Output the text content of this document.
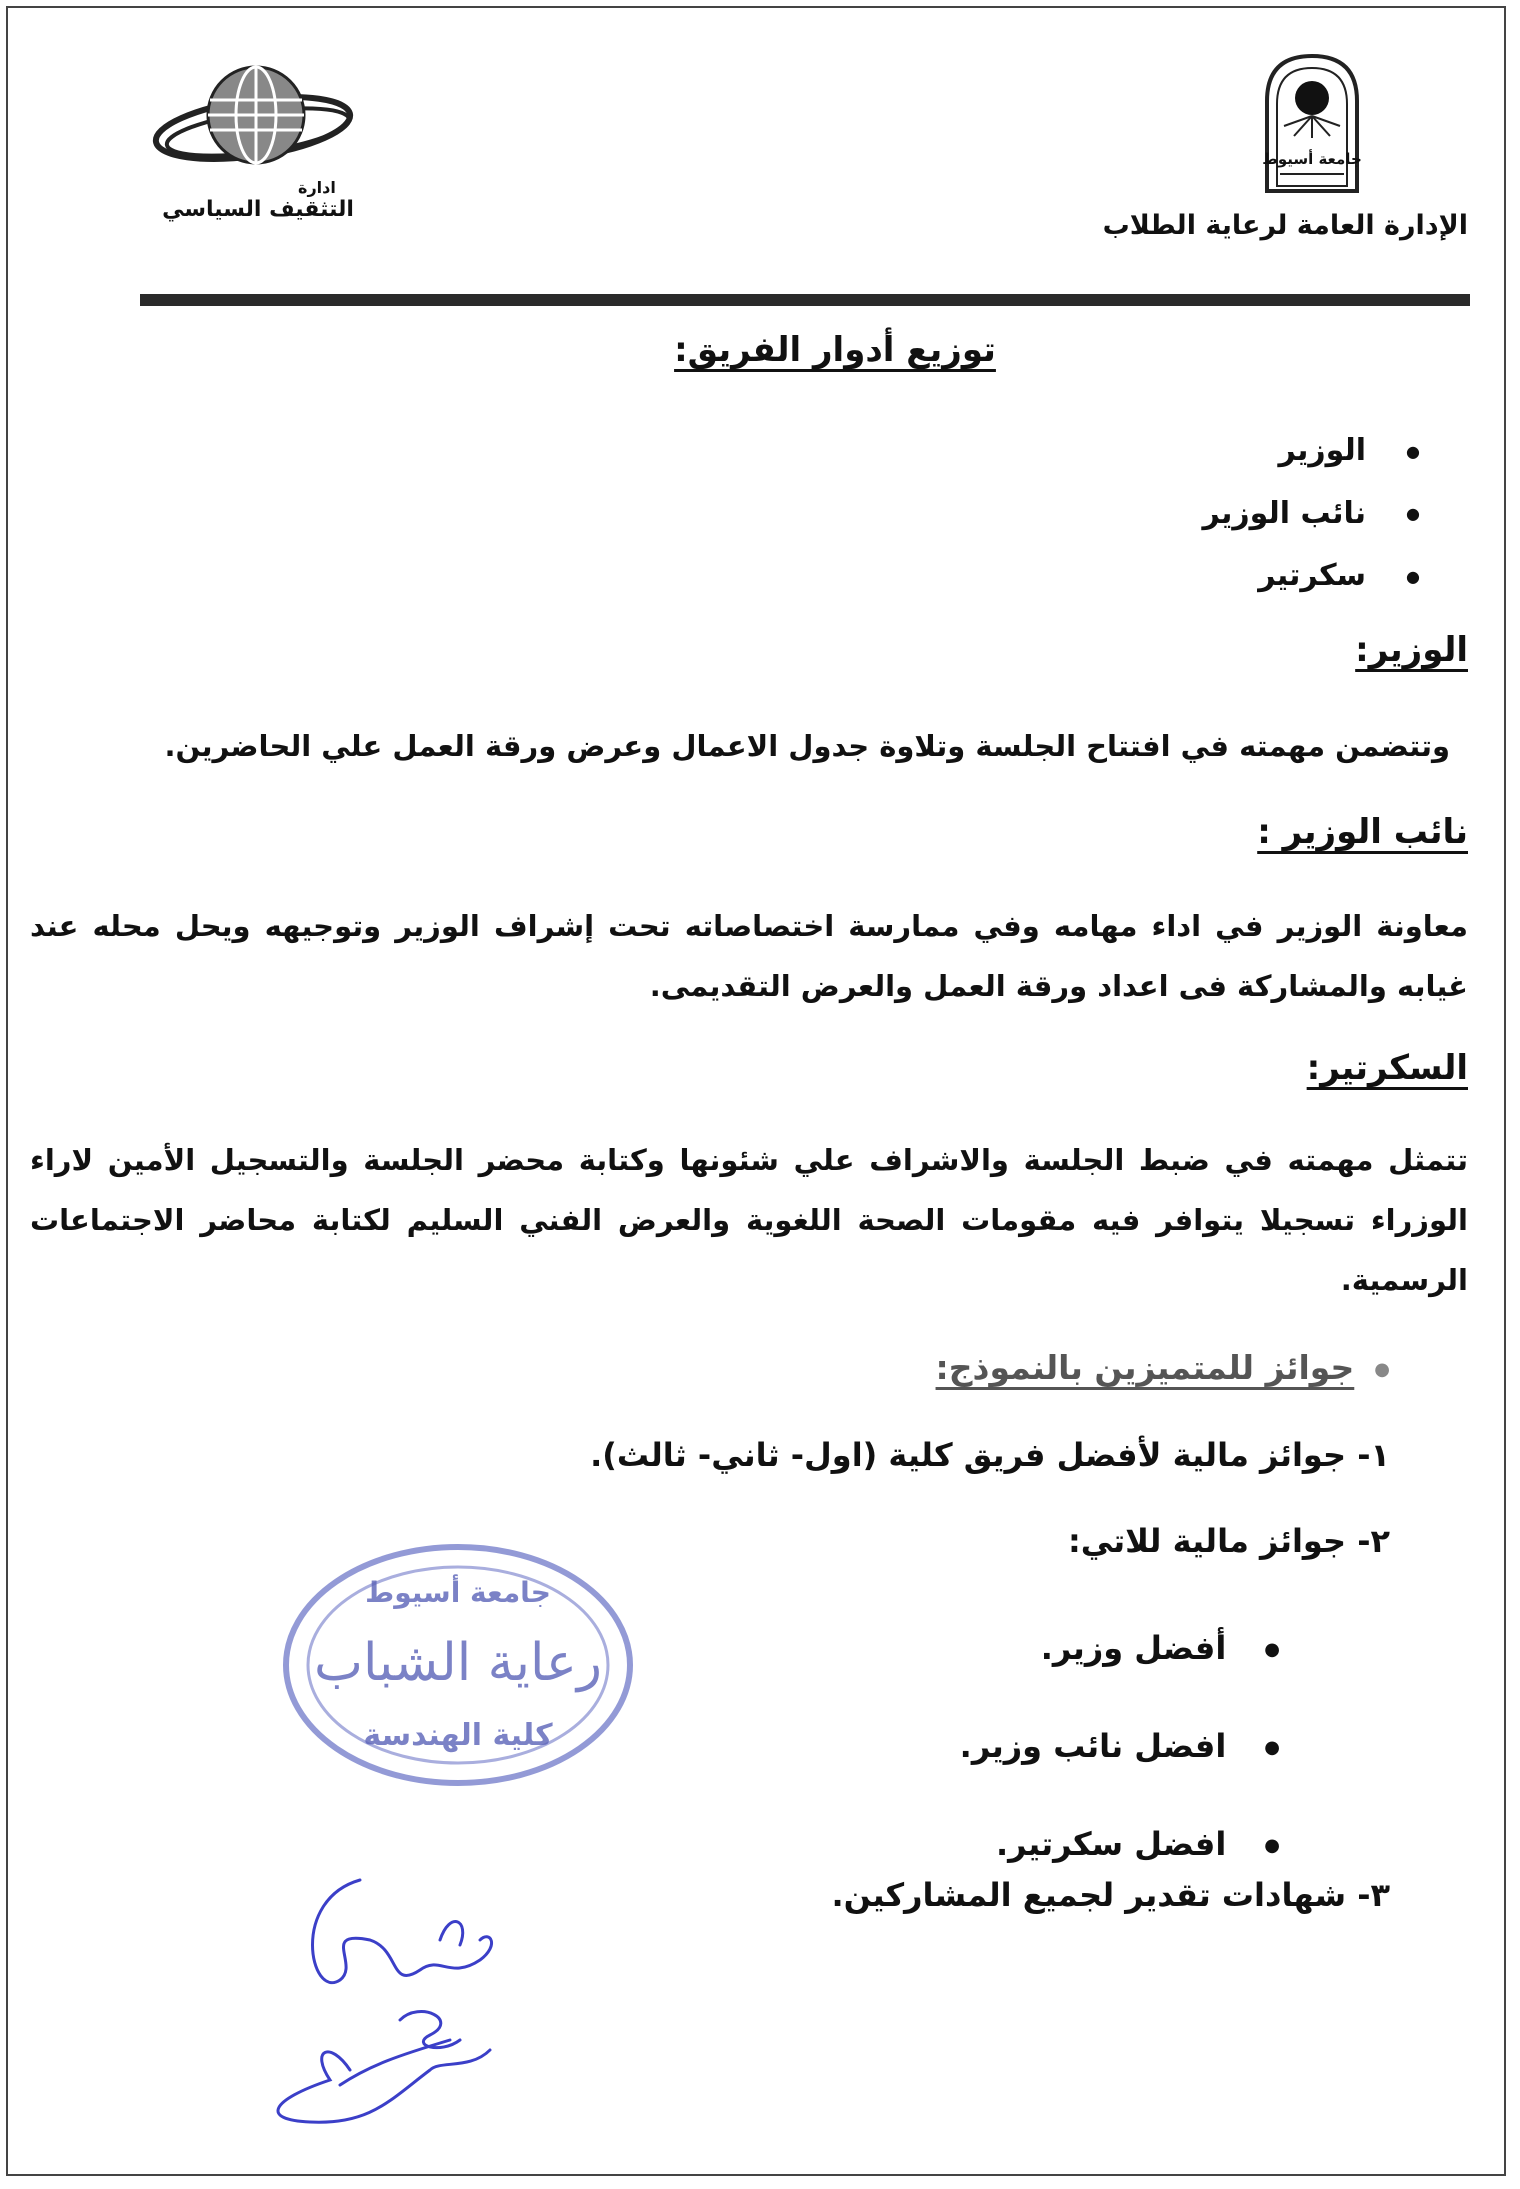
جامعة أسيوط
ادارة
التثقيف السياسي
الإدارة العامة لرعاية الطلاب
توزيع أدوار الفريق:
● الوزير
● نائب الوزير
● سكرتير
الوزير:
وتتضمن مهمته في افتتاح الجلسة وتلاوة جدول الاعمال وعرض ورقة العمل علي الحاضرين.
نائب الوزير :
معاونة الوزير في اداء مهامه وفي ممارسة اختصاصاته تحت إشراف الوزير وتوجيهه ويحل محله عند غيابه والمشاركة فى اعداد ورقة العمل والعرض التقديمى.
السكرتير:
تتمثل مهمته في ضبط الجلسة والاشراف علي شئونها وكتابة محضر الجلسة والتسجيل الأمين لاراء الوزراء تسجيلا يتوافر فيه مقومات الصحة اللغوية والعرض الفني السليم لكتابة محاضر الاجتماعات الرسمية.
●جوائز للمتميزين بالنموذج:
١- جوائز مالية لأفضل فريق كلية (اول- ثاني- ثالث).
٢- جوائز مالية للاتي:
● أفضل وزير.
● افضل نائب وزير.
● افضل سكرتير.
٣- شهادات تقدير لجميع المشاركين.
جامعة أسيوط
رعاية الشباب
كلية الهندسة
